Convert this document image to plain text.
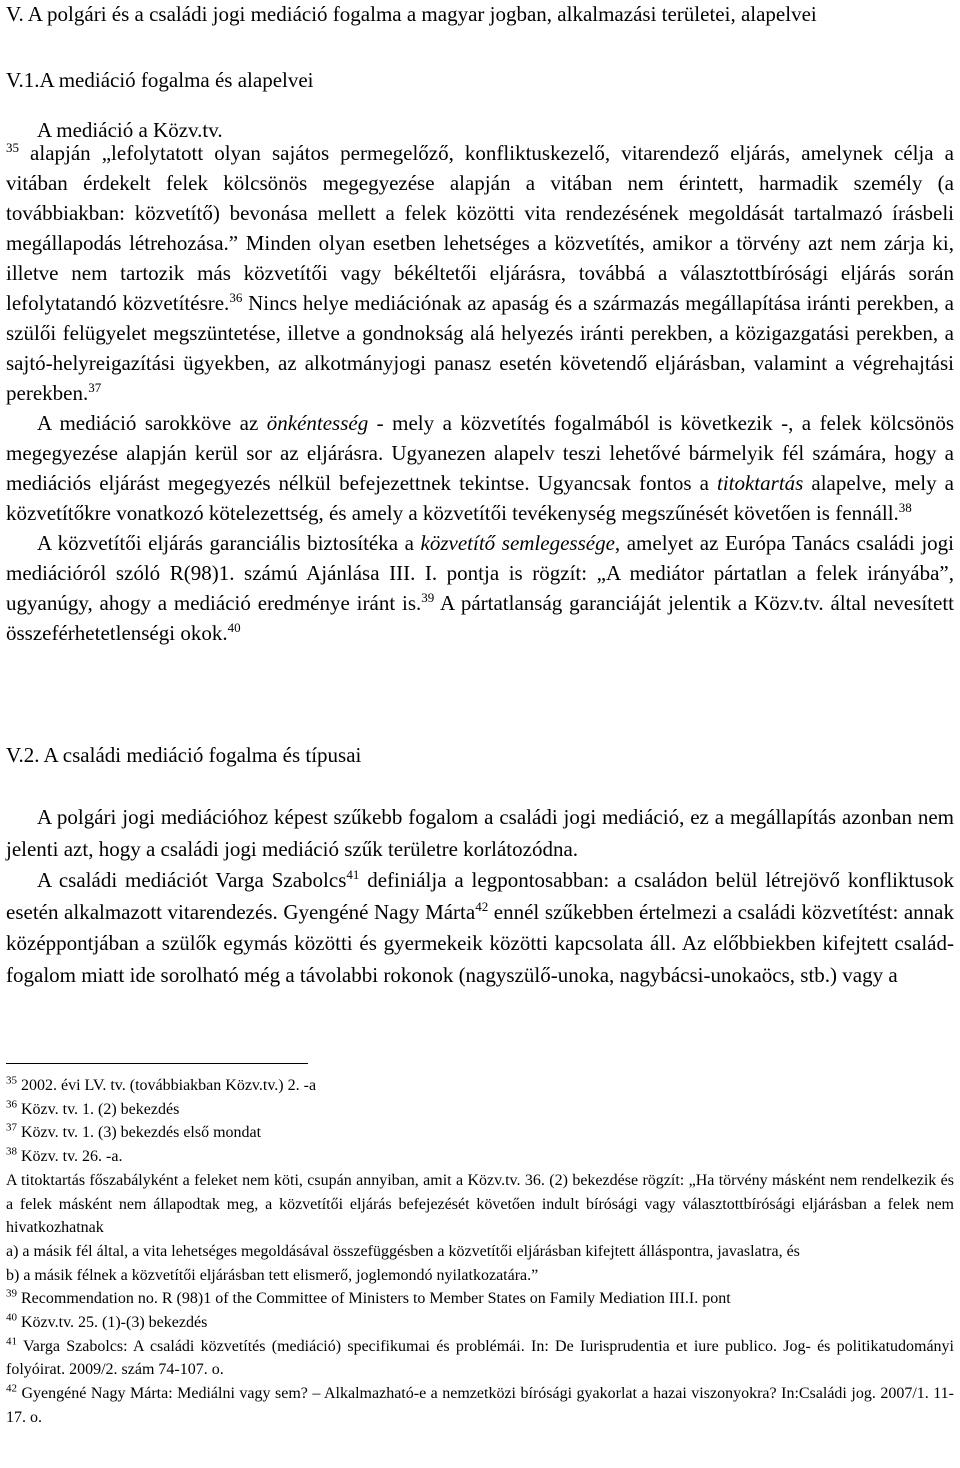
V. A polgári és a családi jogi mediáció fogalma a magyar jogban, alkalmazási területei, alapelvei
V.1.A mediáció fogalma és alapelvei
A mediáció a Közv.tv.

$^{35}$ alapján „lefolytatott olyan sajátos permegelőző, konfliktuskezelő, vitarendező eljárás, amelynek célja a vitában érdekelt felek kölcsönös megegyezése alapján a vitában nem érintett, harmadik személy (a továbbiakban: közvetítő) bevonása mellett a felek közötti vita rendezésének megoldását tartalmazó írásbeli megállapodás létrehozása.” Minden olyan esetben lehetséges a közvetítés, amikor a törvény azt nem zárja ki, illetve nem tartozik más közvetítői vagy békéltetői eljárásra, továbbá a választottbírósági eljárás során lefolytatandó közvetítésre.$^{36}$ Nincs helye mediációnak az apaság és a származás megállapítása iránti perekben, a szülői felügyelet megszüntetése, illetve a gondnokság alá helyezés iránti perekben, a közigazgatási perekben, a sajtó-helyreigazítási ügyekben, az alkotmányjogi panasz esetén követendő eljárásban, valamint a végrehajtási perekben.$^{37}$

A mediáció sarokköve az önkéntesség - mely a közvetítés fogalmából is következik -, a felek kölcsönös megegyezése alapján kerül sor az eljárásra. Ugyanezen alapelv teszi lehetővé bármelyik fél számára, hogy a mediációs eljárást megegyezés nélkül befejezettnek tekintse. Ugyancsak fontos a titoktartás alapelve, mely a közvetítőkre vonatkozó kötelezettség, és amely a közvetítői tevékenység megszűnését követően is fennáll.$^{38}$

A közvetítői eljárás garanciális biztosítéka a közvetítő semlegessége, amelyet az Európa Tanács családi jogi mediációról szóló R(98)1. számú Ajánlása III. I. pontja is rögzít: „A mediátor pártatlan a felek irányába”, ugyanúgy, ahogy a mediáció eredménye iránt is.$^{39}$ A pártatlanság garanciáját jelentik a Közv.tv. által nevesített összeférhetetlenségi okok.$^{40}$

V.2. A családi mediáció fogalma és típusai

A polgári jogi mediációhoz képest szűkebb fogalom a családi jogi mediáció, ez a megállapítás azonban nem jelenti azt, hogy a családi jogi mediáció szűk területre korlátozódna.

A családi mediációt Varga Szabolcs$^{41}$ definiálja a legpontosabban: a családon belül létrejövő konfliktusok esetén alkalmazott vitarendezés. Gyengéné Nagy Márta$^{42}$ ennél szűkebben értelmezi a családi közvetítést: annak középpontjában a szülők egymás közötti és gyermekeik közötti kapcsolata áll. Az előbbiekben kifejtett család-fogalom miatt ide sorolható még a távolabbi rokonok (nagyszülő-unoka, nagybácsi-unokaöcs, stb.) vagy a

$^{35}$ 2002. évi LV. tv. (továbbiakban Közv.tv.) 2. -a

$^{36}$ Közv. tv. 1. (2) bekezdés

$^{37}$ Közv. tv. 1. (3) bekezdés első mondat

$^{38}$ Közv. tv. 26. -a.

A titoktartás főszabályként a feleket nem köti, csupán annyiban, amit a Közv.tv. 36. (2) bekezdése rögzít: „Ha törvény másként nem rendelkezik és a felek másként nem állapodtak meg, a közvetítői eljárás befejezését követően indult bírósági vagy választottbírósági eljárásban a felek nem hivatkozhatnak

a) a másik fél által, a vita lehetséges megoldásával összefüggésben a közvetítői eljárásban kifejtett álláspontra, javaslatra, és

b) a másik félnek a közvetítői eljárásban tett elismerő, joglemondó nyilatkozatára.”

$^{39}$ Recommendation no. R (98)1 of the Committee of Ministers to Member States on Family Mediation III.I. pont

$^{40}$ Közv.tv. 25. (1)-(3) bekezdés

$^{41}$ Varga Szabolcs: A családi közvetítés (mediáció) specifikumai és problémái. In: De Iurisprudentia et iure publico. Jog- és politikatudományi folyóirat. 2009/2. szám 74-107. o.

$^{42}$ Gyengéné Nagy Márta: Mediálni vagy sem? – Alkalmazható-e a nemzetközi bírósági gyakorlat a hazai viszonyokra? In:Családi jog. 2007/1. 11-17. o.
